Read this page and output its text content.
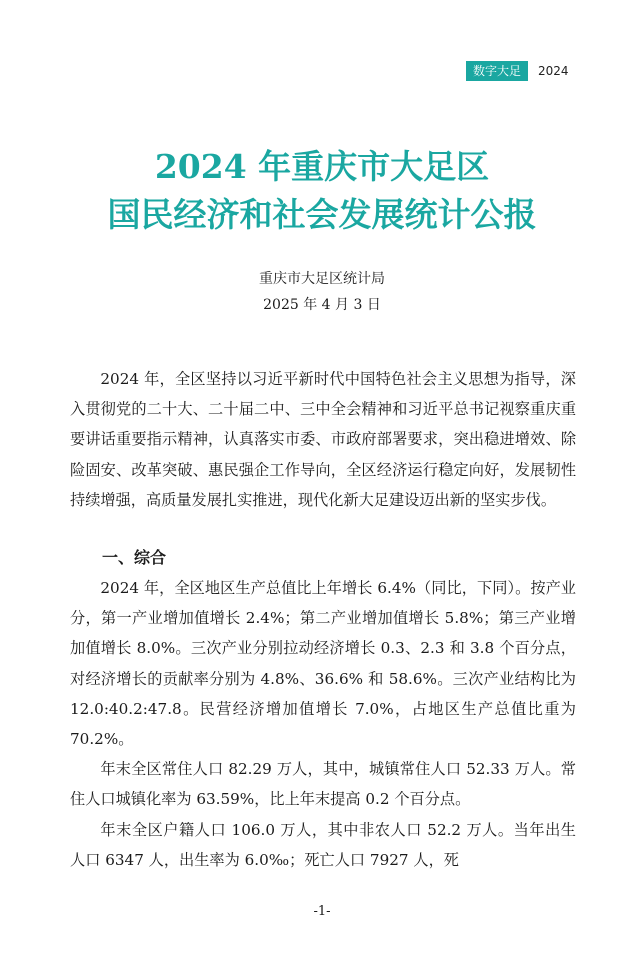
数字大足	2024
2024 年重庆市大足区
国民经济和社会发展统计公报
重庆市大足区统计局
2025 年 4 月 3 日

2024 年，全区坚持以习近平新时代中国特色社会主义思想为指导，深入贯彻党的二十大、二十届二中、三中全会精神和习近平总书记视察重庆重要讲话重要指示精神，认真落实市委、市政府部署要求，突出稳进增效、除险固安、改革突破、惠民强企工作导向，全区经济运行稳定向好，发展韧性持续增强，高质量发展扎实推进，现代化新大足建设迈出新的坚实步伐。

一、综合

2024 年，全区地区生产总值比上年增长 6.4%（同比，下同）。按产业分，第一产业增加值增长 2.4%；第二产业增加值增长 5.8%；第三产业增加值增长 8.0%。三次产业分别拉动经济增长 0.3、2.3 和 3.8 个百分点，对经济增长的贡献率分别为 4.8%、36.6% 和 58.6%。三次产业结构比为 12.0:40.2:47.8。民营经济增加值增长 7.0%，占地区生产总值比重为 70.2%。

年末全区常住人口 82.29 万人，其中，城镇常住人口 52.33 万人。常住人口城镇化率为 63.59%，比上年末提高 0.2 个百分点。

年末全区户籍人口 106.0 万人，其中非农人口 52.2 万人。当年出生人口 6347 人，出生率为 6.0‰；死亡人口 7927 人，死

-1-
